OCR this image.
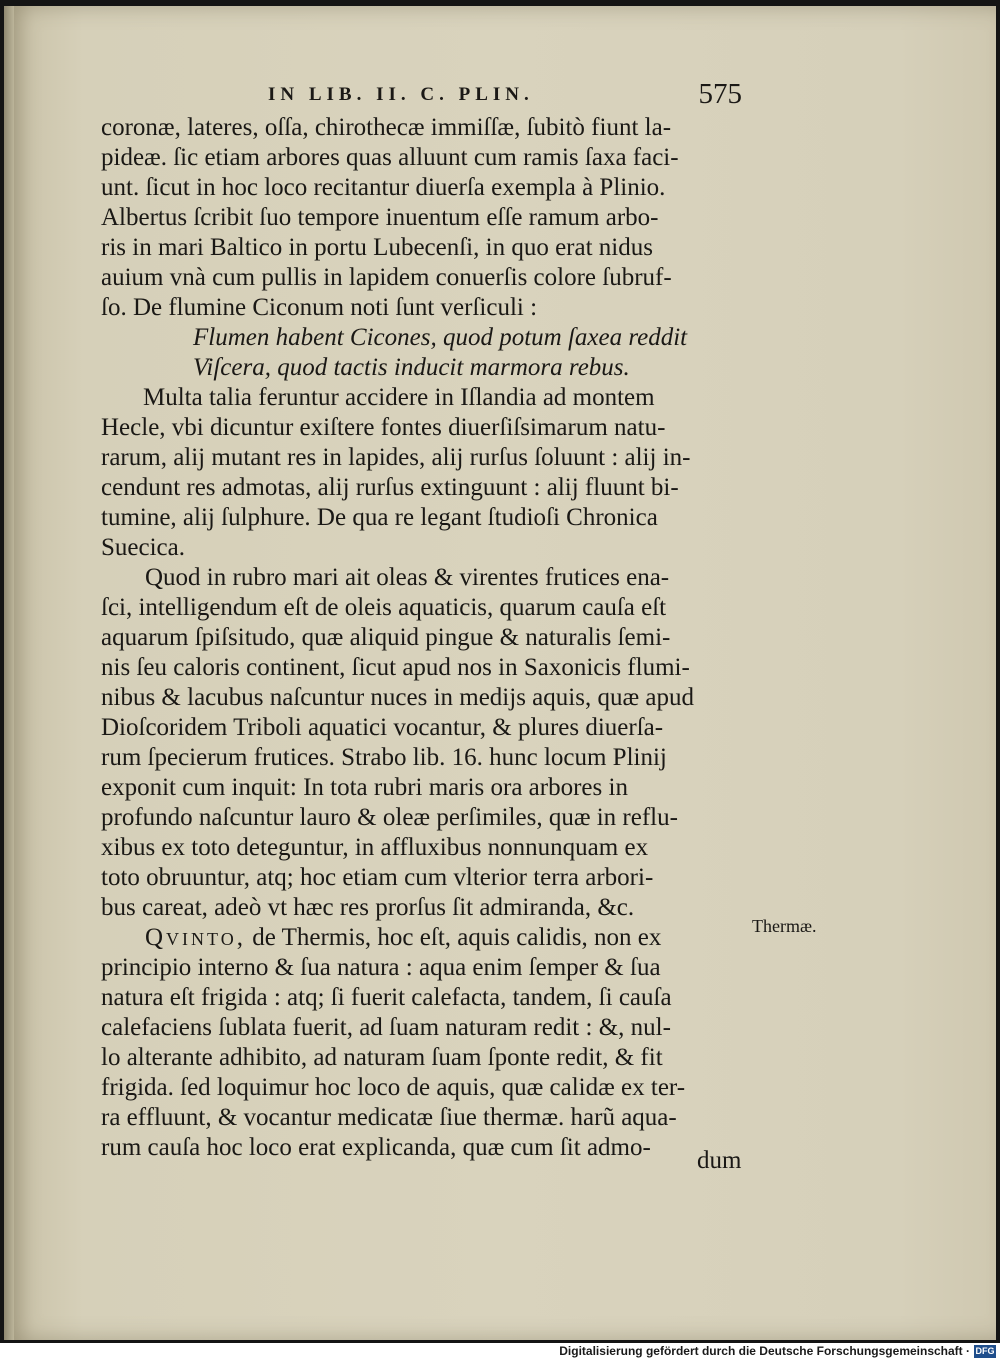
IN LIB. II. C. PLIN.	575

coronæ, lateres, oſſa, chirothecæ immiſſæ, ſubitò fiunt la-
pideæ. ſic etiam arbores quas alluunt cum ramis ſaxa faci-
unt. ſicut in hoc loco recitantur diuerſa exempla à Plinio.
Albertus ſcribit ſuo tempore inuentum eſſe ramum arbo-
ris in mari Baltico in portu Lubecenſi, in quo erat nidus
auium vnà cum pullis in lapidem conuerſis colore ſubruf-
ſo. De flumine Ciconum noti ſunt verſiculi :

Flumen habent Cicones, quod potum ſaxea reddit
Viſcera, quod tactis inducit marmora rebus.

Multa talia feruntur accidere in Iſlandia ad montem
Hecle, vbi dicuntur exiſtere fontes diuerſiſsimarum natu-
rarum, alij mutant res in lapides, alij rurſus ſoluunt : alij in-
cendunt res admotas, alij rurſus extinguunt : alij fluunt bi-
tumine, alij ſulphure. De qua re legant ſtudioſi Chronica
Suecica.

Quod in rubro mari ait oleas & virentes frutices ena-
ſci, intelligendum eſt de oleis aquaticis, quarum cauſa eſt
aquarum ſpiſsitudo, quæ aliquid pingue & naturalis ſemi-
nis ſeu caloris continent, ſicut apud nos in Saxonicis flumi-
nibus & lacubus naſcuntur nuces in medijs aquis, quæ apud
Dioſcoridem Triboli aquatici vocantur, & plures diuerſa-
rum ſpecierum frutices. Strabo lib. 16. hunc locum Plinij
exponit cum inquit: In tota rubri maris ora arbores in
profundo naſcuntur lauro & oleæ perſimiles, quæ in reflu-
xibus ex toto deteguntur, in affluxibus nonnunquam ex
toto obruuntur, atq; hoc etiam cum vlterior terra arbori-
bus careat, adeò vt hæc res prorſus ſit admiranda, &c.

Qvinto, de Thermis, hoc eſt, aquis calidis, non ex
principio interno & ſua natura : aqua enim ſemper & ſua
natura eſt frigida : atq; ſi fuerit calefacta, tandem, ſi cauſa
calefaciens ſublata fuerit, ad ſuam naturam redit : &, nul-
lo alterante adhibito, ad naturam ſuam ſponte redit, & fit
frigida. ſed loquimur hoc loco de aquis, quæ calidæ ex ter-
ra effluunt, & vocantur medicatæ ſiue thermæ. harũ aqua-
rum cauſa hoc loco erat explicanda, quæ cum ſit admo-

Thermæ.
dum
Digitalisierung gefördert durch die Deutsche Forschungsgemeinschaft · DFG
